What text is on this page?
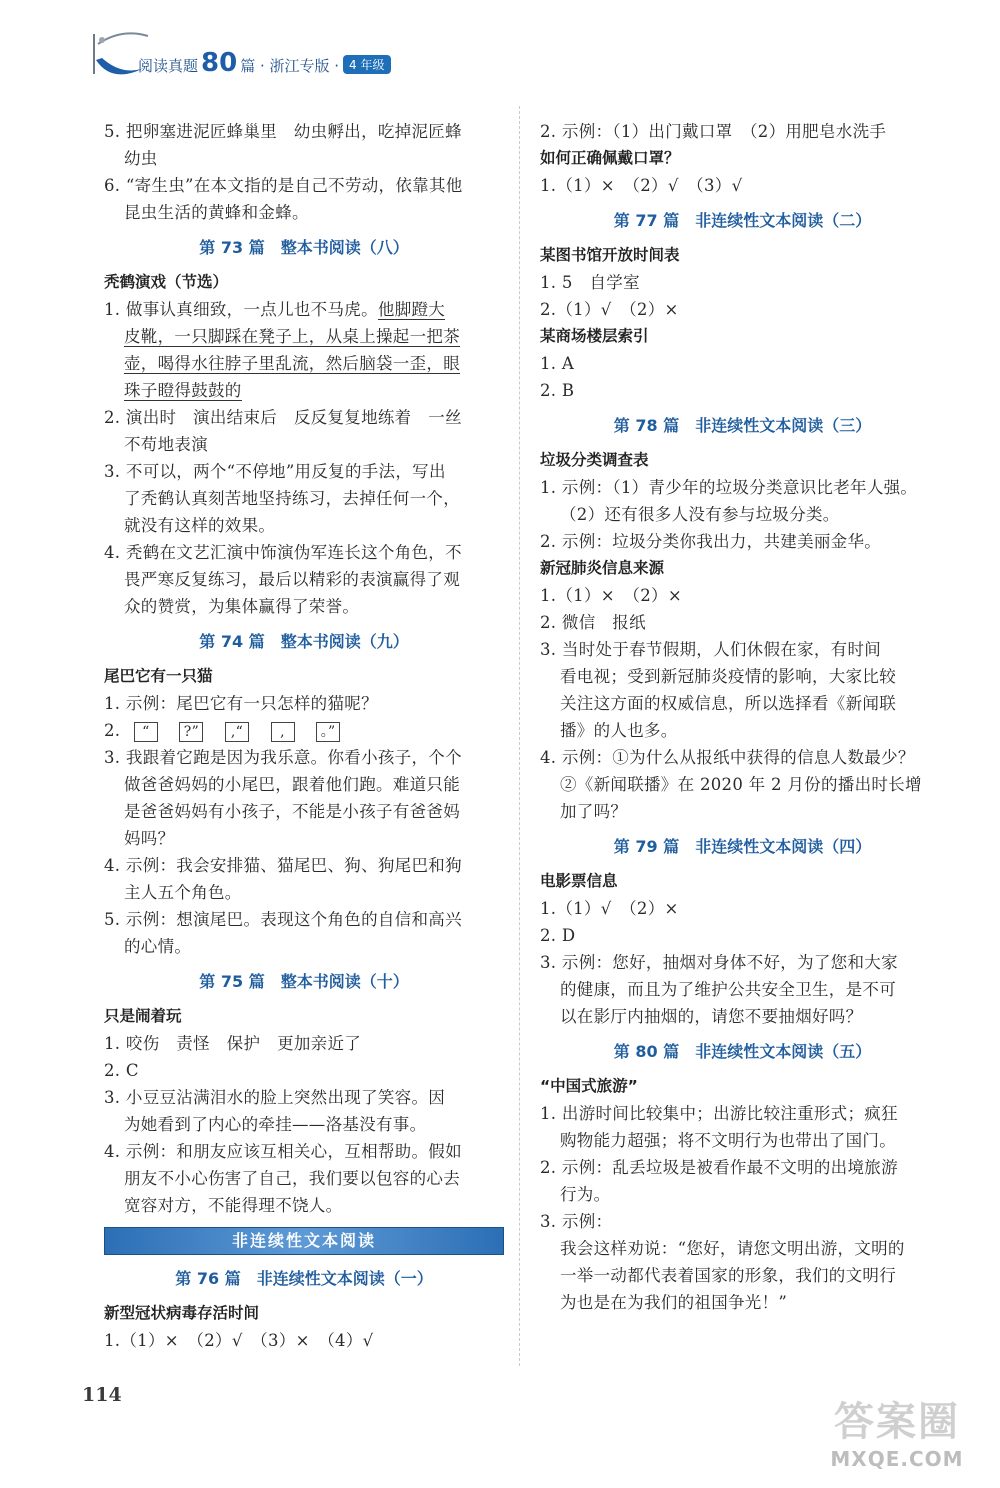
阅读真题 80 篇 · 浙江专版 · 4 年级
5. 把卵塞进泥匠蜂巢里　幼虫孵出，吃掉泥匠蜂
幼虫
6. “寄生虫”在本文指的是自己不劳动，依靠其他
昆虫生活的黄蜂和金蜂。
第 73 篇　整本书阅读（八）
秃鹤演戏（节选）
1. 做事认真细致，一点儿也不马虎。他脚蹬大
皮靴，一只脚踩在凳子上，从桌上操起一把茶
壶，喝得水往脖子里乱流，然后脑袋一歪，眼
珠子瞪得鼓鼓的
2. 演出时　演出结束后　反反复复地练着　一丝
不苟地表演
3. 不可以，两个“不停地”用反复的手法，写出
了秃鹤认真刻苦地坚持练习，去掉任何一个，
就没有这样的效果。
4. 秃鹤在文艺汇演中饰演伪军连长这个角色，不
畏严寒反复练习，最后以精彩的表演赢得了观
众的赞赏，为集体赢得了荣誉。
第 74 篇　整本书阅读（九）
尾巴它有一只猫
1. 示例：尾巴它有一只怎样的猫呢？
2. “ ?” ,“	,	。”
3. 我跟着它跑是因为我乐意。你看小孩子，个个
做爸爸妈妈的小尾巴，跟着他们跑。难道只能
是爸爸妈妈有小孩子，不能是小孩子有爸爸妈
妈吗？
4. 示例：我会安排猫、猫尾巴、狗、狗尾巴和狗
主人五个角色。
5. 示例：想演尾巴。表现这个角色的自信和高兴
的心情。
第 75 篇　整本书阅读（十）
只是闹着玩
1. 咬伤　责怪　保护　更加亲近了
2. C
3. 小豆豆沾满泪水的脸上突然出现了笑容。因
为她看到了内心的牵挂——洛基没有事。
4. 示例：和朋友应该互相关心，互相帮助。假如
朋友不小心伤害了自己，我们要以包容的心去
宽容对方，不能得理不饶人。
非连续性文本阅读
第 76 篇　非连续性文本阅读（一）
新型冠状病毒存活时间
1.（1）×　（2）√　（3）×　（4）√
2. 示例：（1）出门戴口罩　（2）用肥皂水洗手
如何正确佩戴口罩？
1.（1）×　（2）√　（3）√
第 77 篇　非连续性文本阅读（二）
某图书馆开放时间表
1. 5　自学室
2.（1）√　（2）×
某商场楼层索引
1. A
2. B
第 78 篇　非连续性文本阅读（三）
垃圾分类调查表
1. 示例：（1）青少年的垃圾分类意识比老年人强。
（2）还有很多人没有参与垃圾分类。
2. 示例：垃圾分类你我出力，共建美丽金华。
新冠肺炎信息来源
1.（1）×　（2）×
2. 微信　报纸
3. 当时处于春节假期，人们休假在家，有时间
看电视；受到新冠肺炎疫情的影响，大家比较
关注这方面的权威信息，所以选择看《新闻联
播》的人也多。
4. 示例：①为什么从报纸中获得的信息人数最少？
②《新闻联播》在 2020 年 2 月份的播出时长增
加了吗？
第 79 篇　非连续性文本阅读（四）
电影票信息
1.（1）√　（2）×
2. D
3. 示例：您好，抽烟对身体不好，为了您和大家
的健康，而且为了维护公共安全卫生，是不可
以在影厅内抽烟的，请您不要抽烟好吗？
第 80 篇　非连续性文本阅读（五）
“中国式旅游”
1. 出游时间比较集中；出游比较注重形式；疯狂
购物能力超强；将不文明行为也带出了国门。
2. 示例：乱丢垃圾是被看作最不文明的出境旅游
行为。
3. 示例：
我会这样劝说：“您好，请您文明出游，文明的
一举一动都代表着国家的形象，我们的文明行
为也是在为我们的祖国争光！”
114
答案圈
MXQE.COM
